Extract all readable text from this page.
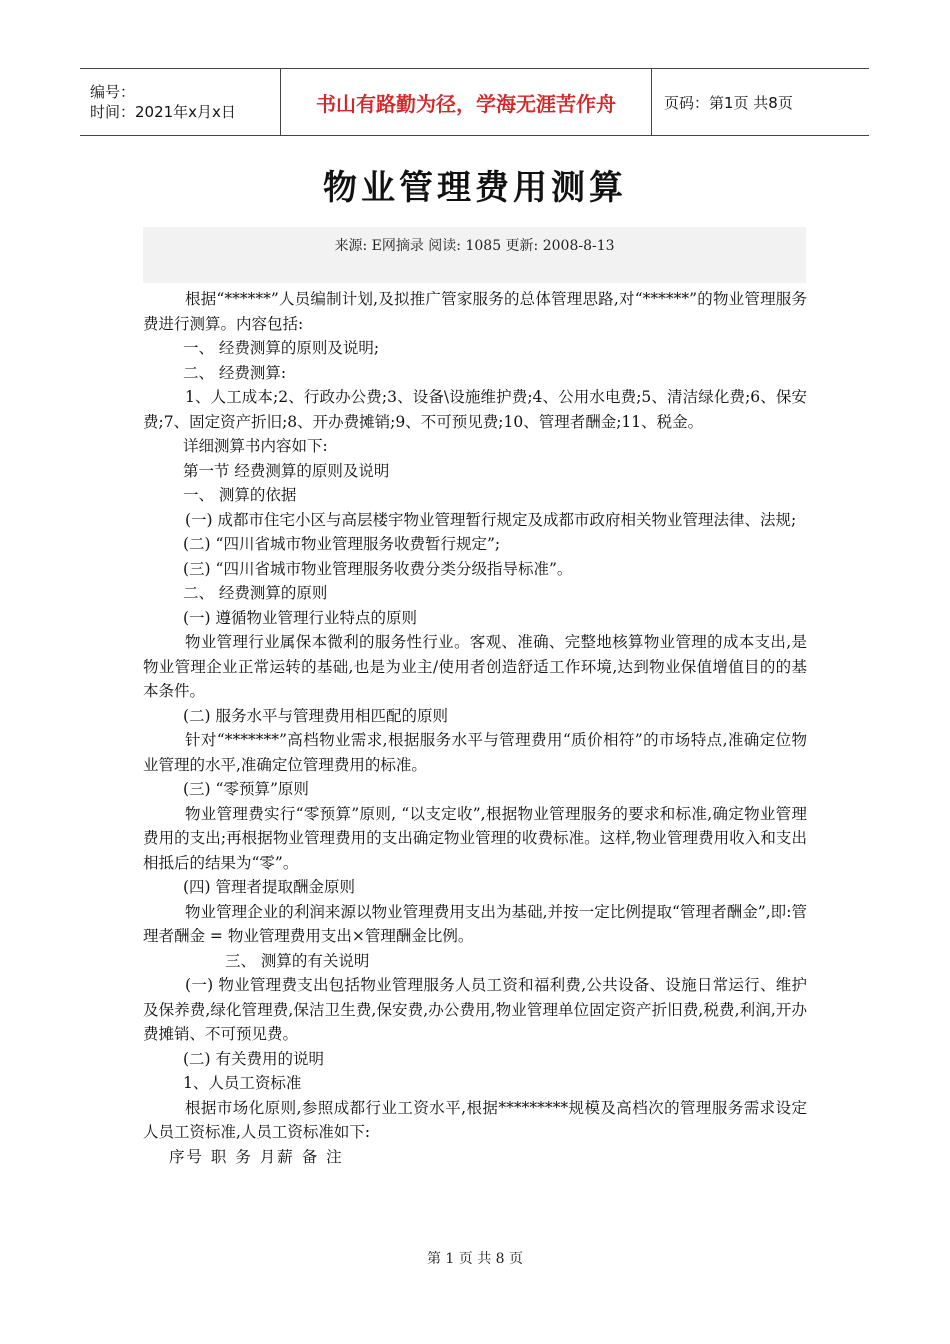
编号：
时间：2021年x月x日	书山有路勤为径，学海无涯苦作舟	页码：第1页 共8页
物业管理费用测算
来源: E网摘录 阅读: 1085 更新: 2008-8-13

根据“******”人员编制计划,及拟推广管家服务的总体管理思路,对“******”的物业管理服务费进行测算。内容包括:

一、 经费测算的原则及说明;

二、 经费测算:

1、人工成本;2、行政办公费;3、设备\设施维护费;4、公用水电费;5、清洁绿化费;6、保安费;7、固定资产折旧;8、开办费摊销;9、不可预见费;10、管理者酬金;11、税金。

详细测算书内容如下:

第一节 经费测算的原则及说明

一、 测算的依据

(一) 成都市住宅小区与高层楼宇物业管理暂行规定及成都市政府相关物业管理法律、法规;

(二) “四川省城市物业管理服务收费暂行规定”;

(三) “四川省城市物业管理服务收费分类分级指导标准”。

二、 经费测算的原则

(一) 遵循物业管理行业特点的原则

物业管理行业属保本微利的服务性行业。客观、准确、完整地核算物业管理的成本支出,是物业管理企业正常运转的基础,也是为业主/使用者创造舒适工作环境,达到物业保值增值目的的基本条件。

(二) 服务水平与管理费用相匹配的原则

针对“*******”高档物业需求,根据服务水平与管理费用“质价相符”的市场特点,准确定位物业管理的水平,准确定位管理费用的标准。

(三) “零预算”原则

物业管理费实行“零预算”原则, “以支定收”,根据物业管理服务的要求和标准,确定物业管理费用的支出;再根据物业管理费用的支出确定物业管理的收费标准。这样,物业管理费用收入和支出相抵后的结果为“零”。

(四) 管理者提取酬金原则

物业管理企业的利润来源以物业管理费用支出为基础,并按一定比例提取“管理者酬金”,即:管理者酬金 = 物业管理费用支出×管理酬金比例。

三、 测算的有关说明

(一) 物业管理费支出包括物业管理服务人员工资和福利费,公共设备、设施日常运行、维护及保养费,绿化管理费,保洁卫生费,保安费,办公费用,物业管理单位固定资产折旧费,税费,利润,开办费摊销、不可预见费。

(二) 有关费用的说明

1、人员工资标准

根据市场化原则,参照成都行业工资水平,根据*********规模及高档次的管理服务需求设定人员工资标准,人员工资标准如下:

序号 职 务 月薪 备 注

第 1 页 共 8 页
